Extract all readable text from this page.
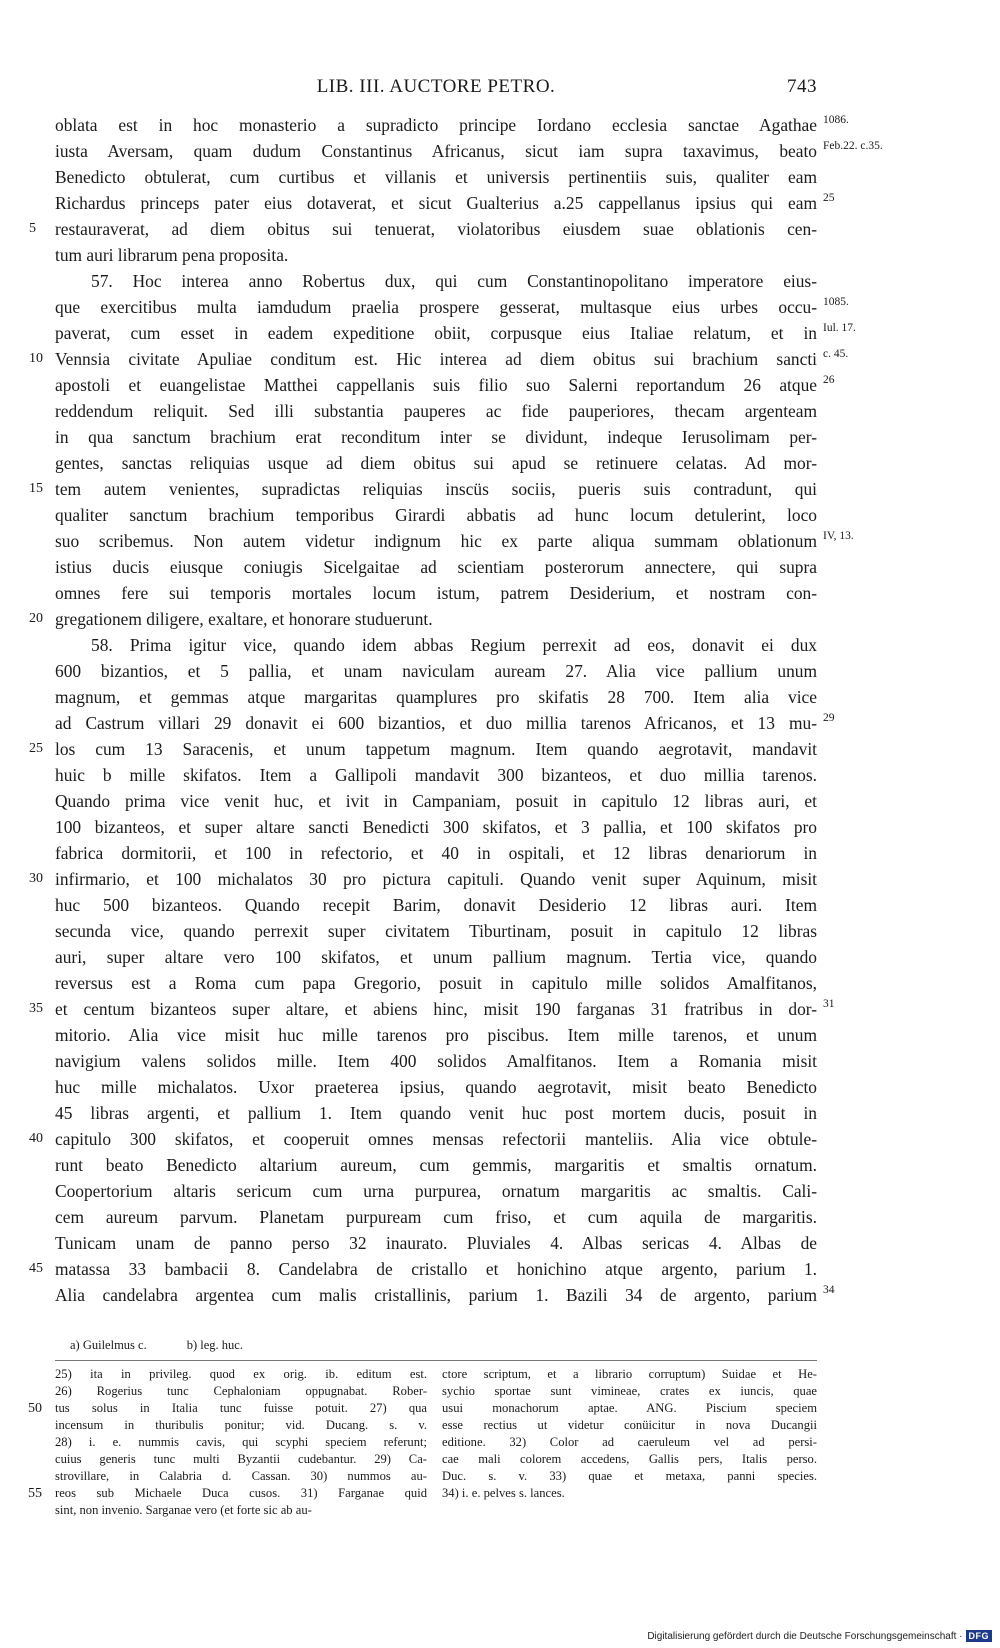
LIB. III. AUCTORE PETRO.	743
oblata est in hoc monasterio a supradicto principe Iordano ecclesia sanctae Agathae 1086.
iusta Aversam, quam dudum Constantinus Africanus, sicut iam supra taxavimus, beato Feb.22. c.35.
Benedicto obtulerat, cum curtibus et villanis et universis pertinentiis suis, qualiter eam
Richardus princeps pater eius dotaverat, et sicut Gualterius a.25 cappellanus ipsius qui eam 25
restauraverat, ad diem obitus sui tenuerat, violatoribus eiusdem suae oblationis cen-
5
tum auri librarum pena proposita.
57. Hoc interea anno Robertus dux, qui cum Constantinopolitano imperatore eius-
que exercitibus multa iamdudum praelia prospere gesserat, multasque eius urbes occu- 1085.
paverat, cum esset in eadem expeditione obiit, corpusque eius Italiae relatum, et in Iul. 17.
Vennsia civitate Apuliae conditum est. Hic interea ad diem obitus sui brachium sancti
10	c. 45.
apostoli et euangelistae Matthei cappellanis suis filio suo Salerni reportandum 26 atque 26
reddendum reliquit. Sed illi substantia pauperes ac fide pauperiores, thecam argenteam
in qua sanctum brachium erat reconditum inter se dividunt, indeque Ierusolimam per-
gentes, sanctas reliquias usque ad diem obitus sui apud se retinuere celatas. Ad mor-
tem autem venientes, supradictas reliquias inscüs sociis, pueris suis contradunt, qui
15
qualiter sanctum brachium temporibus Girardi abbatis ad hunc locum detulerint, loco
suo scribemus. Non autem videtur indignum hic ex parte aliqua summam oblationum IV, 13.
istius ducis eiusque coniugis Sicelgaitae ad scientiam posterorum annectere, qui supra
omnes fere sui temporis mortales locum istum, patrem Desiderium, et nostram con-
gregationem diligere, exaltare, et honorare studuerunt.
20
58. Prima igitur vice, quando idem abbas Regium perrexit ad eos, donavit ei dux
600 bizantios, et 5 pallia, et unam naviculam auream 27. Alia vice pallium unum
magnum, et gemmas atque margaritas quamplures pro skifatis 28 700. Item alia vice
ad Castrum villari 29 donavit ei 600 bizantios, et duo millia tarenos Africanos, et 13 mu- 29
los cum 13 Saracenis, et unum tappetum magnum. Item quando aegrotavit, mandavit
25
huic b mille skifatos. Item a Gallipoli mandavit 300 bizanteos, et duo millia tarenos.
Quando prima vice venit huc, et ivit in Campaniam, posuit in capitulo 12 libras auri, et
100 bizanteos, et super altare sancti Benedicti 300 skifatos, et 3 pallia, et 100 skifatos pro
fabrica dormitorii, et 100 in refectorio, et 40 in ospitali, et 12 libras denariorum in
infirmario, et 100 michalatos 30 pro pictura capituli. Quando venit super Aquinum, misit
30
huc 500 bizanteos. Quando recepit Barim, donavit Desiderio 12 libras auri. Item
secunda vice, quando perrexit super civitatem Tiburtinam, posuit in capitulo 12 libras
auri, super altare vero 100 skifatos, et unum pallium magnum. Tertia vice, quando
reversus est a Roma cum papa Gregorio, posuit in capitulo mille solidos Amalfitanos,
et centum bizanteos super altare, et abiens hinc, misit 190 farganas 31 fratribus in dor-
35	31
mitorio. Alia vice misit huc mille tarenos pro piscibus. Item mille tarenos, et unum
navigium valens solidos mille. Item 400 solidos Amalfitanos. Item a Romania misit
huc mille michalatos. Uxor praeterea ipsius, quando aegrotavit, misit beato Benedicto
45 libras argenti, et pallium 1. Item quando venit huc post mortem ducis, posuit in
capitulo 300 skifatos, et cooperuit omnes mensas refectorii manteliis. Alia vice obtule-
40
runt beato Benedicto altarium aureum, cum gemmis, margaritis et smaltis ornatum.
Coopertorium altaris sericum cum urna purpurea, ornatum margaritis ac smaltis. Cali-
cem aureum parvum. Planetam purpuream cum friso, et cum aquila de margaritis.
Tunicam unam de panno perso 32 inaurato. Pluviales 4. Albas sericas 4. Albas de
matassa 33 bambacii 8. Candelabra de cristallo et honichino atque argento, parium 1.
45
Alia candelabra argentea cum malis cristallinis, parium 1. Bazili 34 de argento, parium 34
a) Guilelmus c.	b) leg. huc.
25) ita in privileg. quod ex orig. ib. editum est.
26) Rogerius tunc Cephaloniam oppugnabat. Rober-
tus solus in Italia tunc fuisse potuit. 27) qua
50
incensum in thuribulis ponitur; vid. Ducang. s. v.
28) i. e. nummis cavis, qui scyphi speciem referunt;
cuius generis tunc multi Byzantii cudebantur. 29) Ca-
strovillare, in Calabria d. Cassan. 30) nummos au-
reos sub Michaele Duca cusos. 31) Farganae quid
55
sint, non invenio. Sarganae vero (et forte sic ab au-
ctore scriptum, et a librario corruptum) Suidae et He-
sychio sportae sunt vimineae, crates ex iuncis, quae
usui monachorum aptae. ANG. Piscium speciem
esse rectius ut videtur conüicitur in nova Ducangii
editione. 32) Color ad caeruleum vel ad persi-
cae mali colorem accedens, Gallis pers, Italis perso.
Duc. s. v. 33) quae et metaxa, panni species.
34) i. e. pelves s. lances.
Digitalisierung gefördert durch die Deutsche Forschungsgemeinschaft · DFG
